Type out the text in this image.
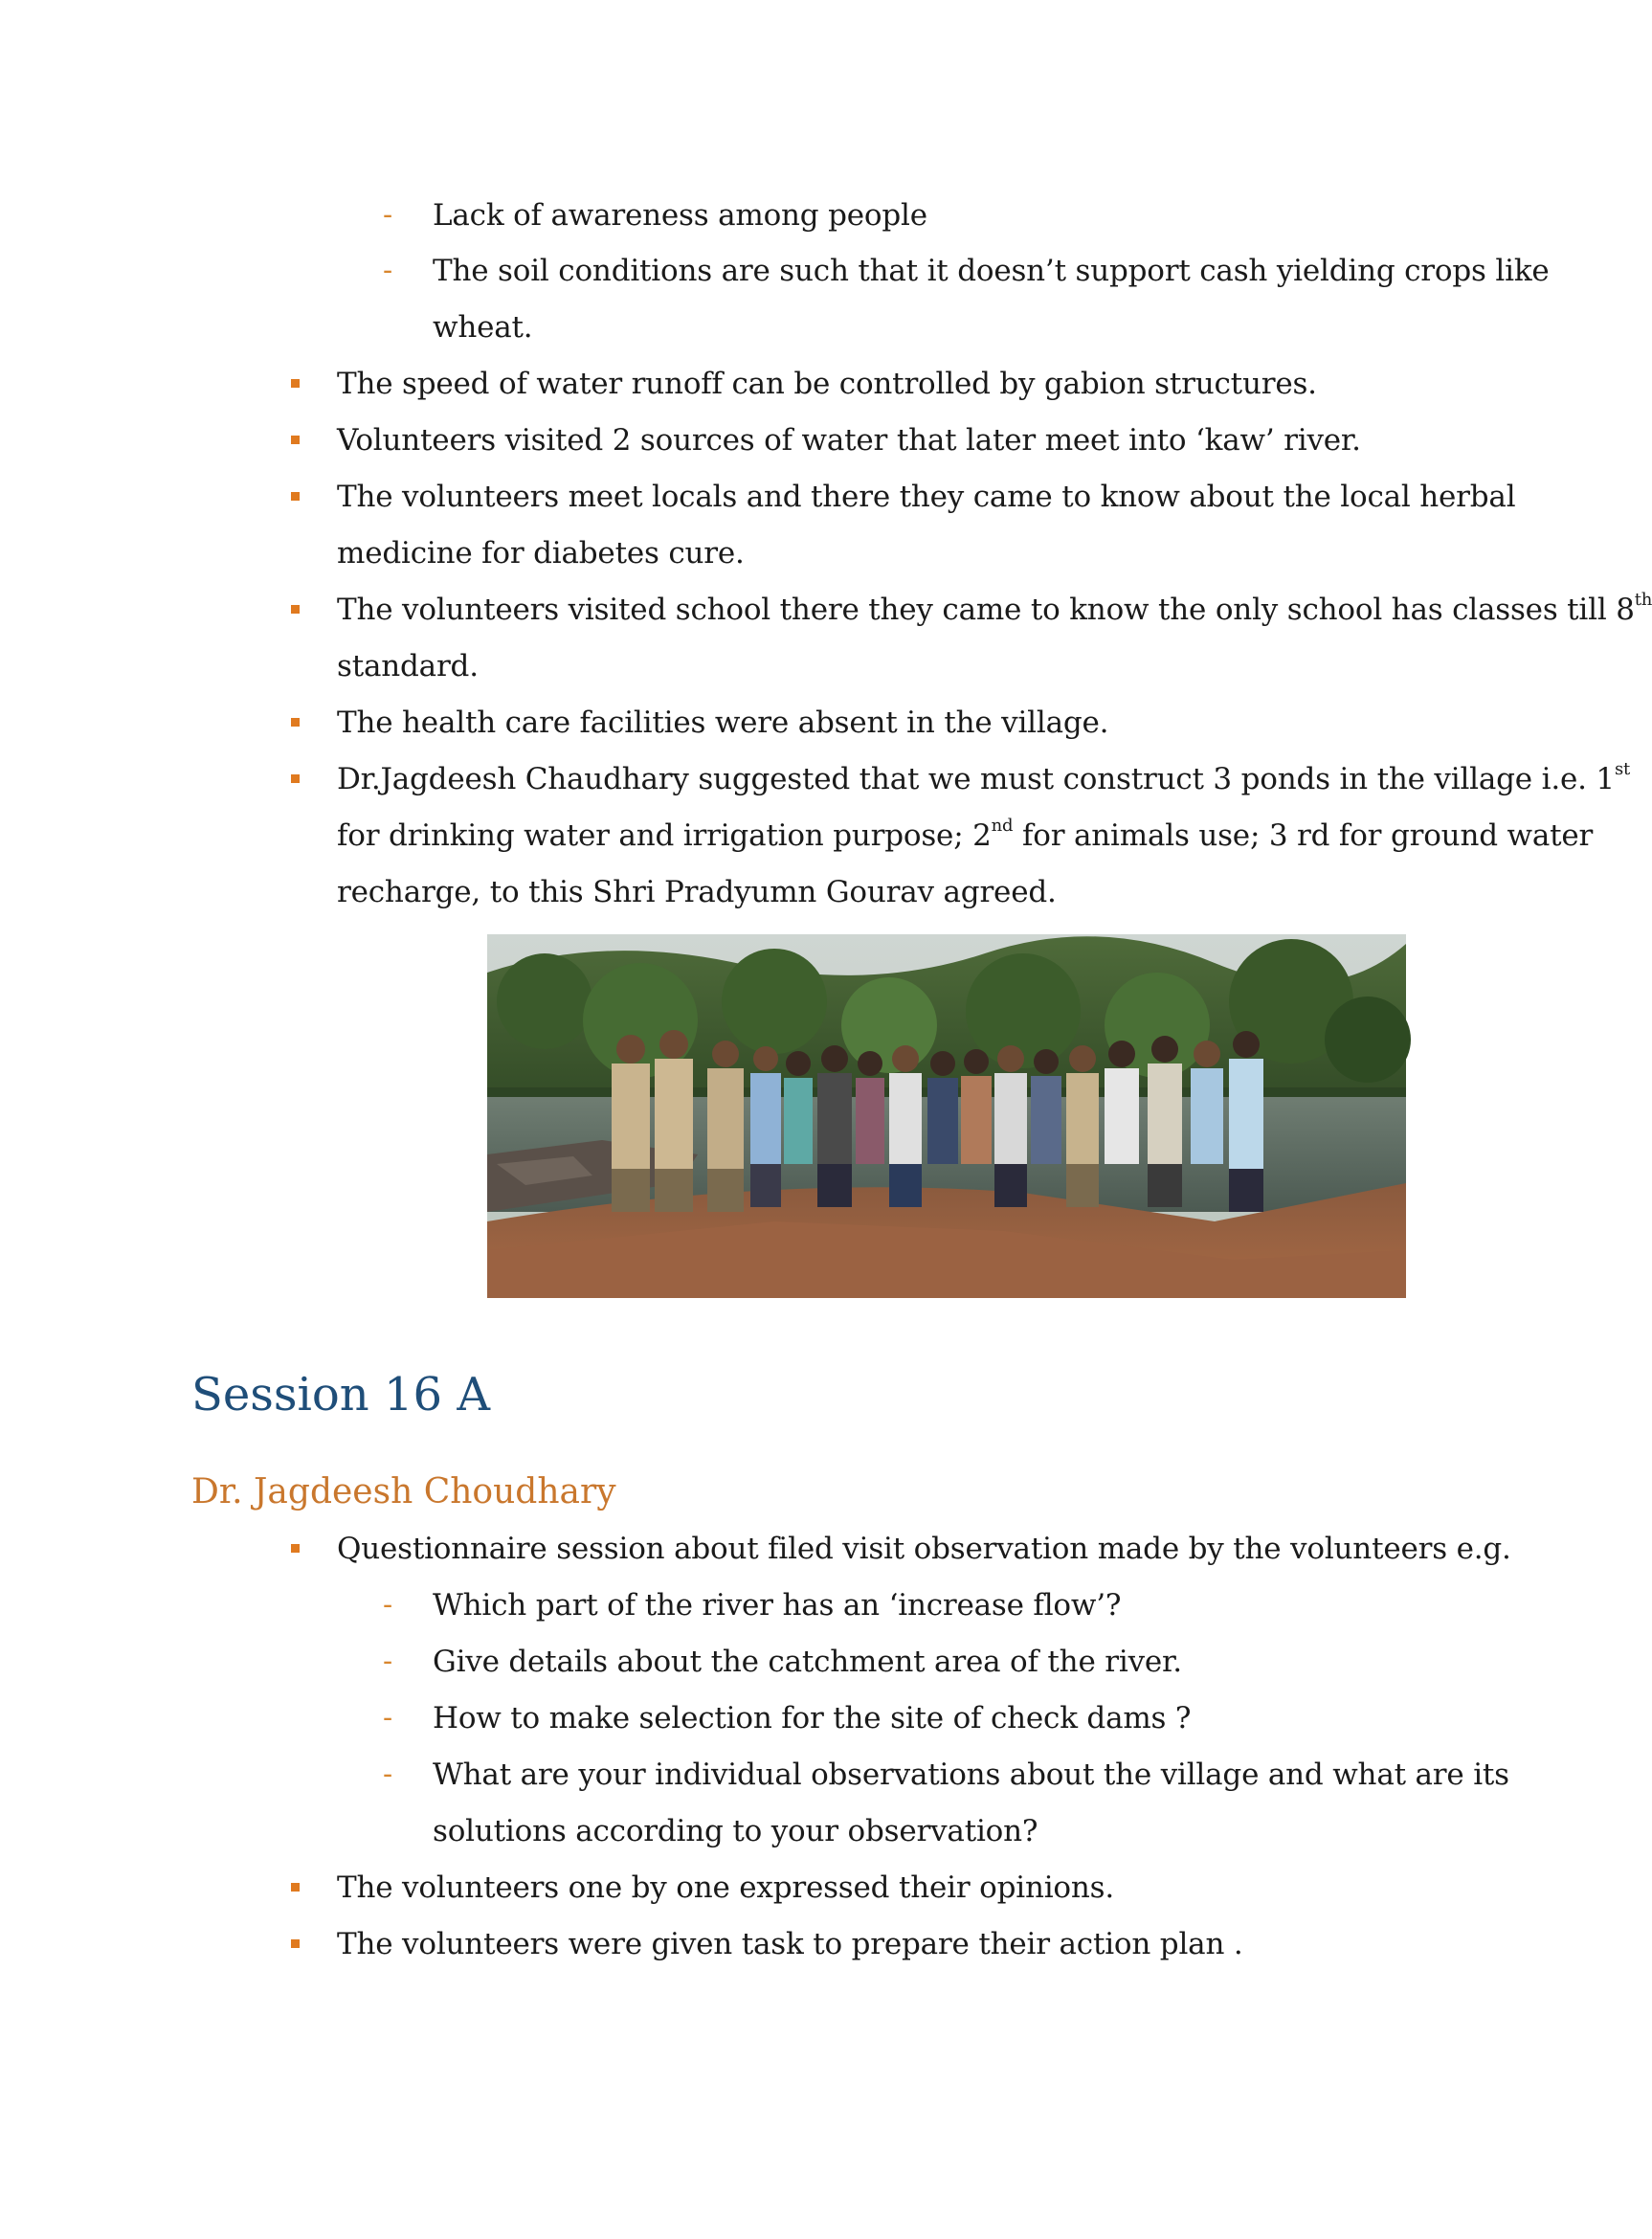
- Lack of awareness among people
- The soil conditions are such that it doesn’t support cash yielding crops like
wheat.
The speed of water runoff can be controlled by gabion structures.
Volunteers visited 2 sources of water that later meet into ‘kaw’ river.
The volunteers meet locals and there they came to know about the local herbal
medicine for diabetes cure.
The volunteers visited school there they came to know the only school has classes till 8th
standard.
The health care facilities were absent in the village.
Dr.Jagdeesh Chaudhary suggested that we must construct 3 ponds in the village i.e. 1st
for drinking water and irrigation purpose; 2nd for animals use; 3 rd for ground water
recharge, to this Shri Pradyumn Gourav agreed.
Session 16 A
Dr. Jagdeesh Choudhary
Questionnaire session about filed visit observation made by the volunteers e.g.
- Which part of the river has an ‘increase flow’?
- Give details about the catchment area of the river.
- How to make selection for the site of check dams ?
- What are your individual observations about the village and what are its
solutions according to your observation?
The volunteers one by one expressed their opinions.
The volunteers were given task to prepare their action plan .
